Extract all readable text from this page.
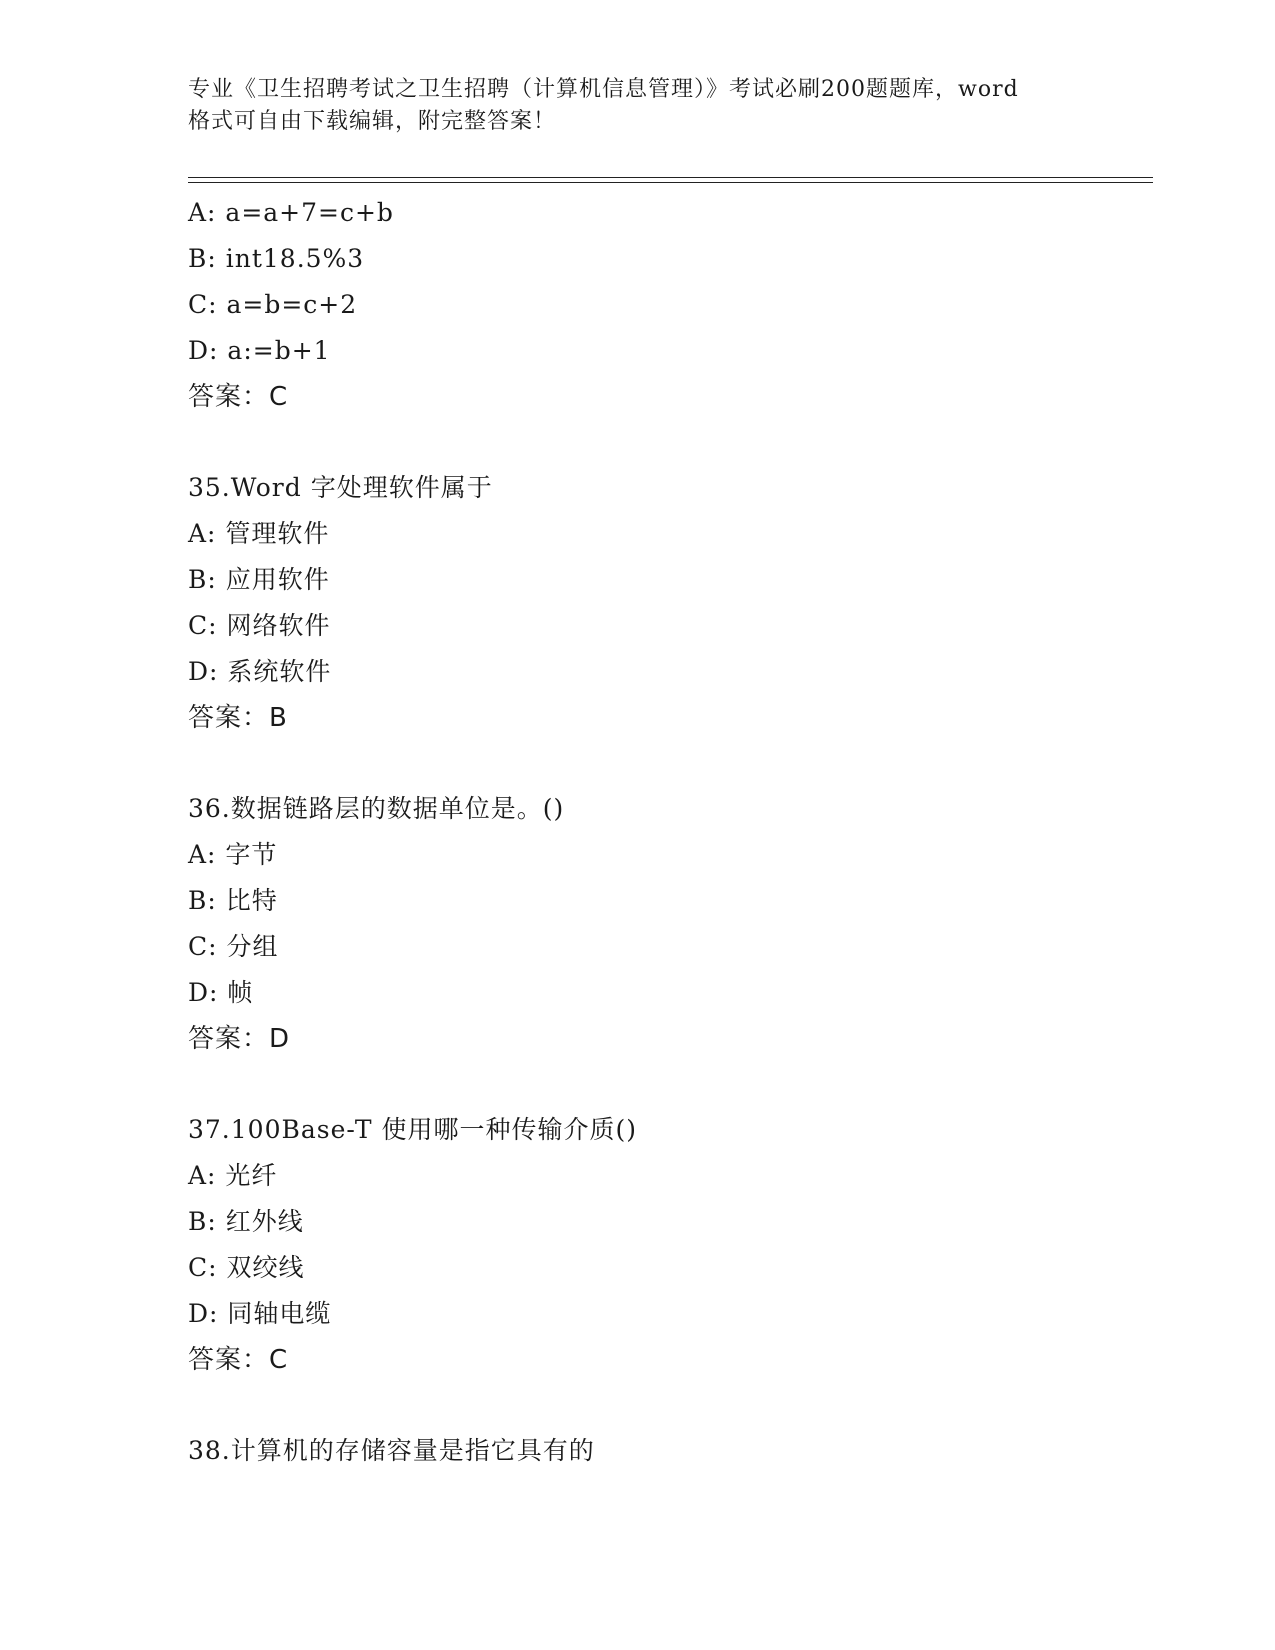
专业《卫生招聘考试之卫生招聘（计算机信息管理）》考试必刷200题题库，word
格式可自由下载编辑，附完整答案！
A: a=a+7=c+b
B: int18.5%3
C: a=b=c+2
D: a:=b+1
答案：C
35.Word 字处理软件属于
A: 管理软件
B: 应用软件
C: 网络软件
D: 系统软件
答案：B
36.数据链路层的数据单位是。()
A: 字节
B: 比特
C: 分组
D: 帧
答案：D
37.100Base-T 使用哪一种传输介质()
A: 光纤
B: 红外线
C: 双绞线
D: 同轴电缆
答案：C
38.计算机的存储容量是指它具有的
